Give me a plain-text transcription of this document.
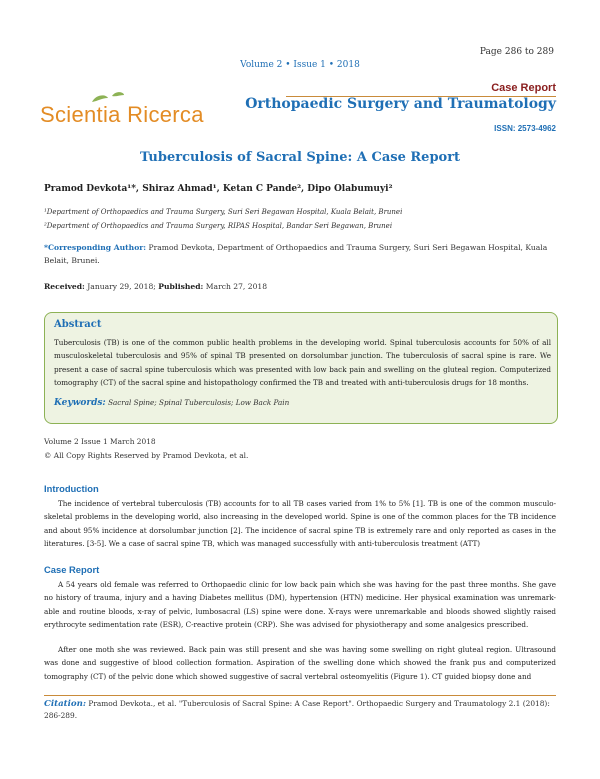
Page 286 to 289
Volume 2 • Issue 1 • 2018
Scientia Ricerca
Case Report
Orthopaedic Surgery and Traumatology
ISSN: 2573-4962
Tuberculosis of Sacral Spine: A Case Report
Pramod Devkota¹*, Shiraz Ahmad¹, Ketan C Pande², Dipo Olabumuyi²
¹Department of Orthopaedics and Trauma Surgery, Suri Seri Begawan Hospital, Kuala Belait, Brunei
²Department of Orthopaedics and Trauma Surgery, RIPAS Hospital, Bandar Seri Begawan, Brunei
*Corresponding Author: Pramod Devkota, Department of Orthopaedics and Trauma Surgery, Suri Seri Begawan Hospital, Kuala Belait, Brunei.
Received: January 29, 2018; Published: March 27, 2018
Abstract
Tuberculosis (TB) is one of the common public health problems in the developing world. Spinal tuberculosis accounts for 50% of all musculoskeletal tuberculosis and 95% of spinal TB presented on dorsolumbar junction. The tuberculosis of sacral spine is rare. We present a case of sacral spine tuberculosis which was presented with low back pain and swelling on the gluteal region. Computerized tomography (CT) of the sacral spine and histopathology confirmed the TB and treated with anti-tuberculosis drugs for 18 months.
Keywords: Sacral Spine; Spinal Tuberculosis; Low Back Pain
Volume 2 Issue 1 March 2018
© All Copy Rights Reserved by Pramod Devkota, et al.
Introduction
The incidence of vertebral tuberculosis (TB) accounts for to all TB cases varied from 1% to 5% [1]. TB is one of the common musculo-skeletal problems in the developing world, also increasing in the developed world. Spine is one of the common places for the TB incidence and about 95% incidence at dorsolumbar junction [2]. The incidence of sacral spine TB is extremely rare and only reported as cases in the literatures. [3-5]. We a case of sacral spine TB, which was managed successfully with anti-tuberculosis treatment (ATT)
Case Report
A 54 years old female was referred to Orthopaedic clinic for low back pain which she was having for the past three months. She gave no history of trauma, injury and a having Diabetes mellitus (DM), hypertension (HTN) medicine. Her physical examination was unremark-able and routine bloods, x-ray of pelvic, lumbosacral (LS) spine were done. X-rays were unremarkable and bloods showed slightly raised erythrocyte sedimentation rate (ESR), C-reactive protein (CRP). She was advised for physiotherapy and some analgesics prescribed.
After one moth she was reviewed. Back pain was still present and she was having some swelling on right gluteal region. Ultrasound was done and suggestive of blood collection formation. Aspiration of the swelling done which showed the frank pus and computerized tomography (CT) of the pelvic done which showed suggestive of sacral vertebral osteomyelitis (Figure 1). CT guided biopsy done and
Citation: Pramod Devkota., et al. "Tuberculosis of Sacral Spine: A Case Report". Orthopaedic Surgery and Traumatology 2.1 (2018): 286-289.
